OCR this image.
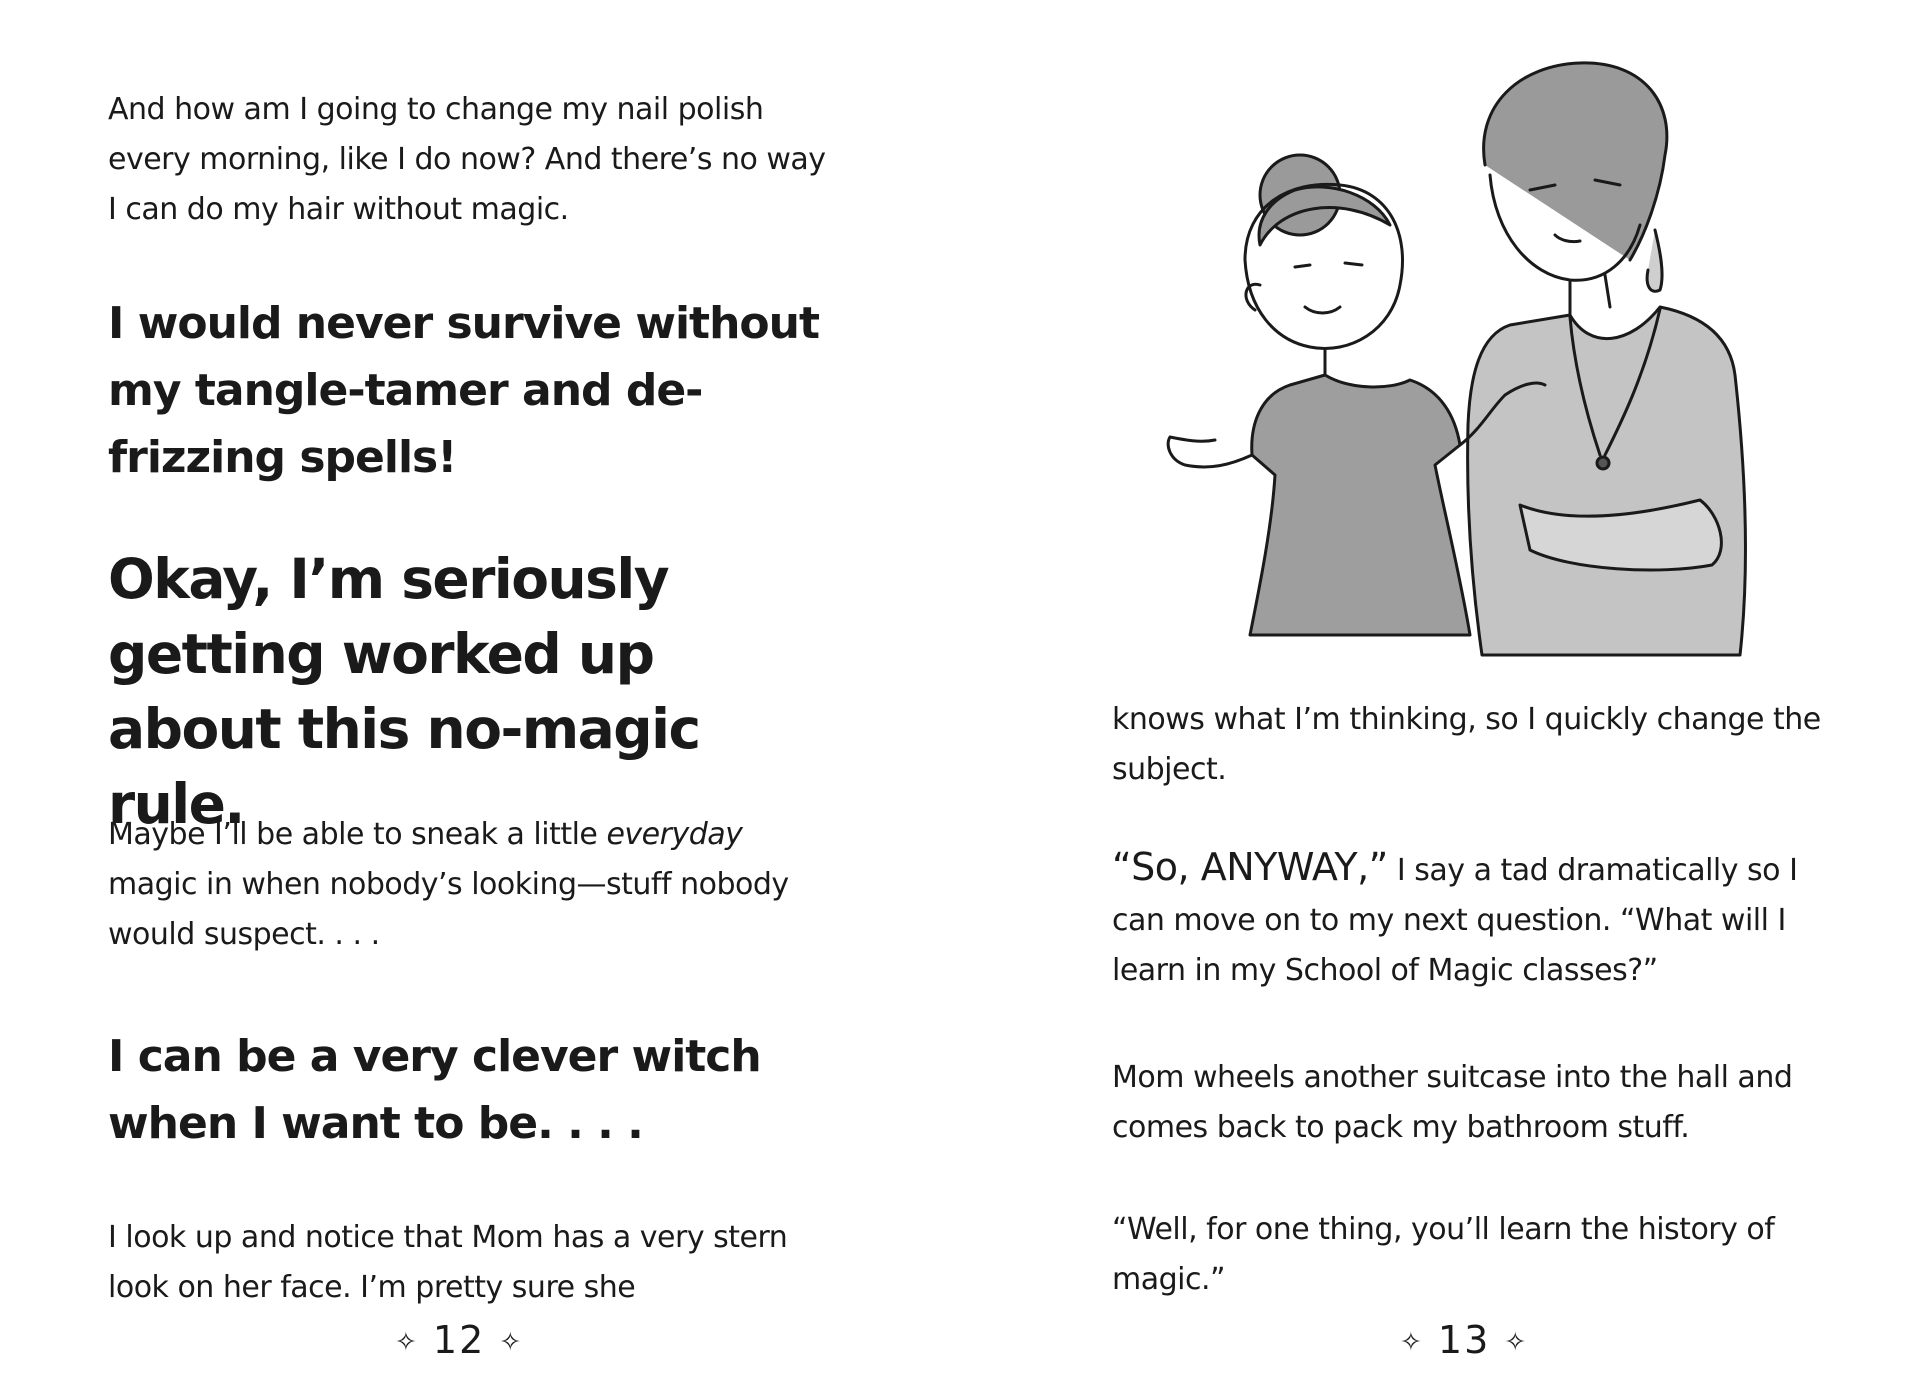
And how am I going to change my nail polish every morning, like I do now? And there’s no way I can do my hair without magic.

I would never survive without my tangle-tamer and de-frizzing spells!

Okay, I’m seriously getting worked up about this no-magic rule.

Maybe I’ll be able to sneak a little everyday magic in when nobody’s looking—stuff nobody would suspect. . . .

I can be a very clever witch when I want to be. . . .

I look up and notice that Mom has a very stern look on her face. I’m pretty sure she

✧ 12 ✧

knows what I’m thinking, so I quickly change the subject.

“So, ANYWAY,” I say a tad dramatically so I can move on to my next question. “What will I learn in my School of Magic classes?”

Mom wheels another suitcase into the hall and comes back to pack my bathroom stuff.

“Well, for one thing, you’ll learn the history of magic.”

✧ 13 ✧
